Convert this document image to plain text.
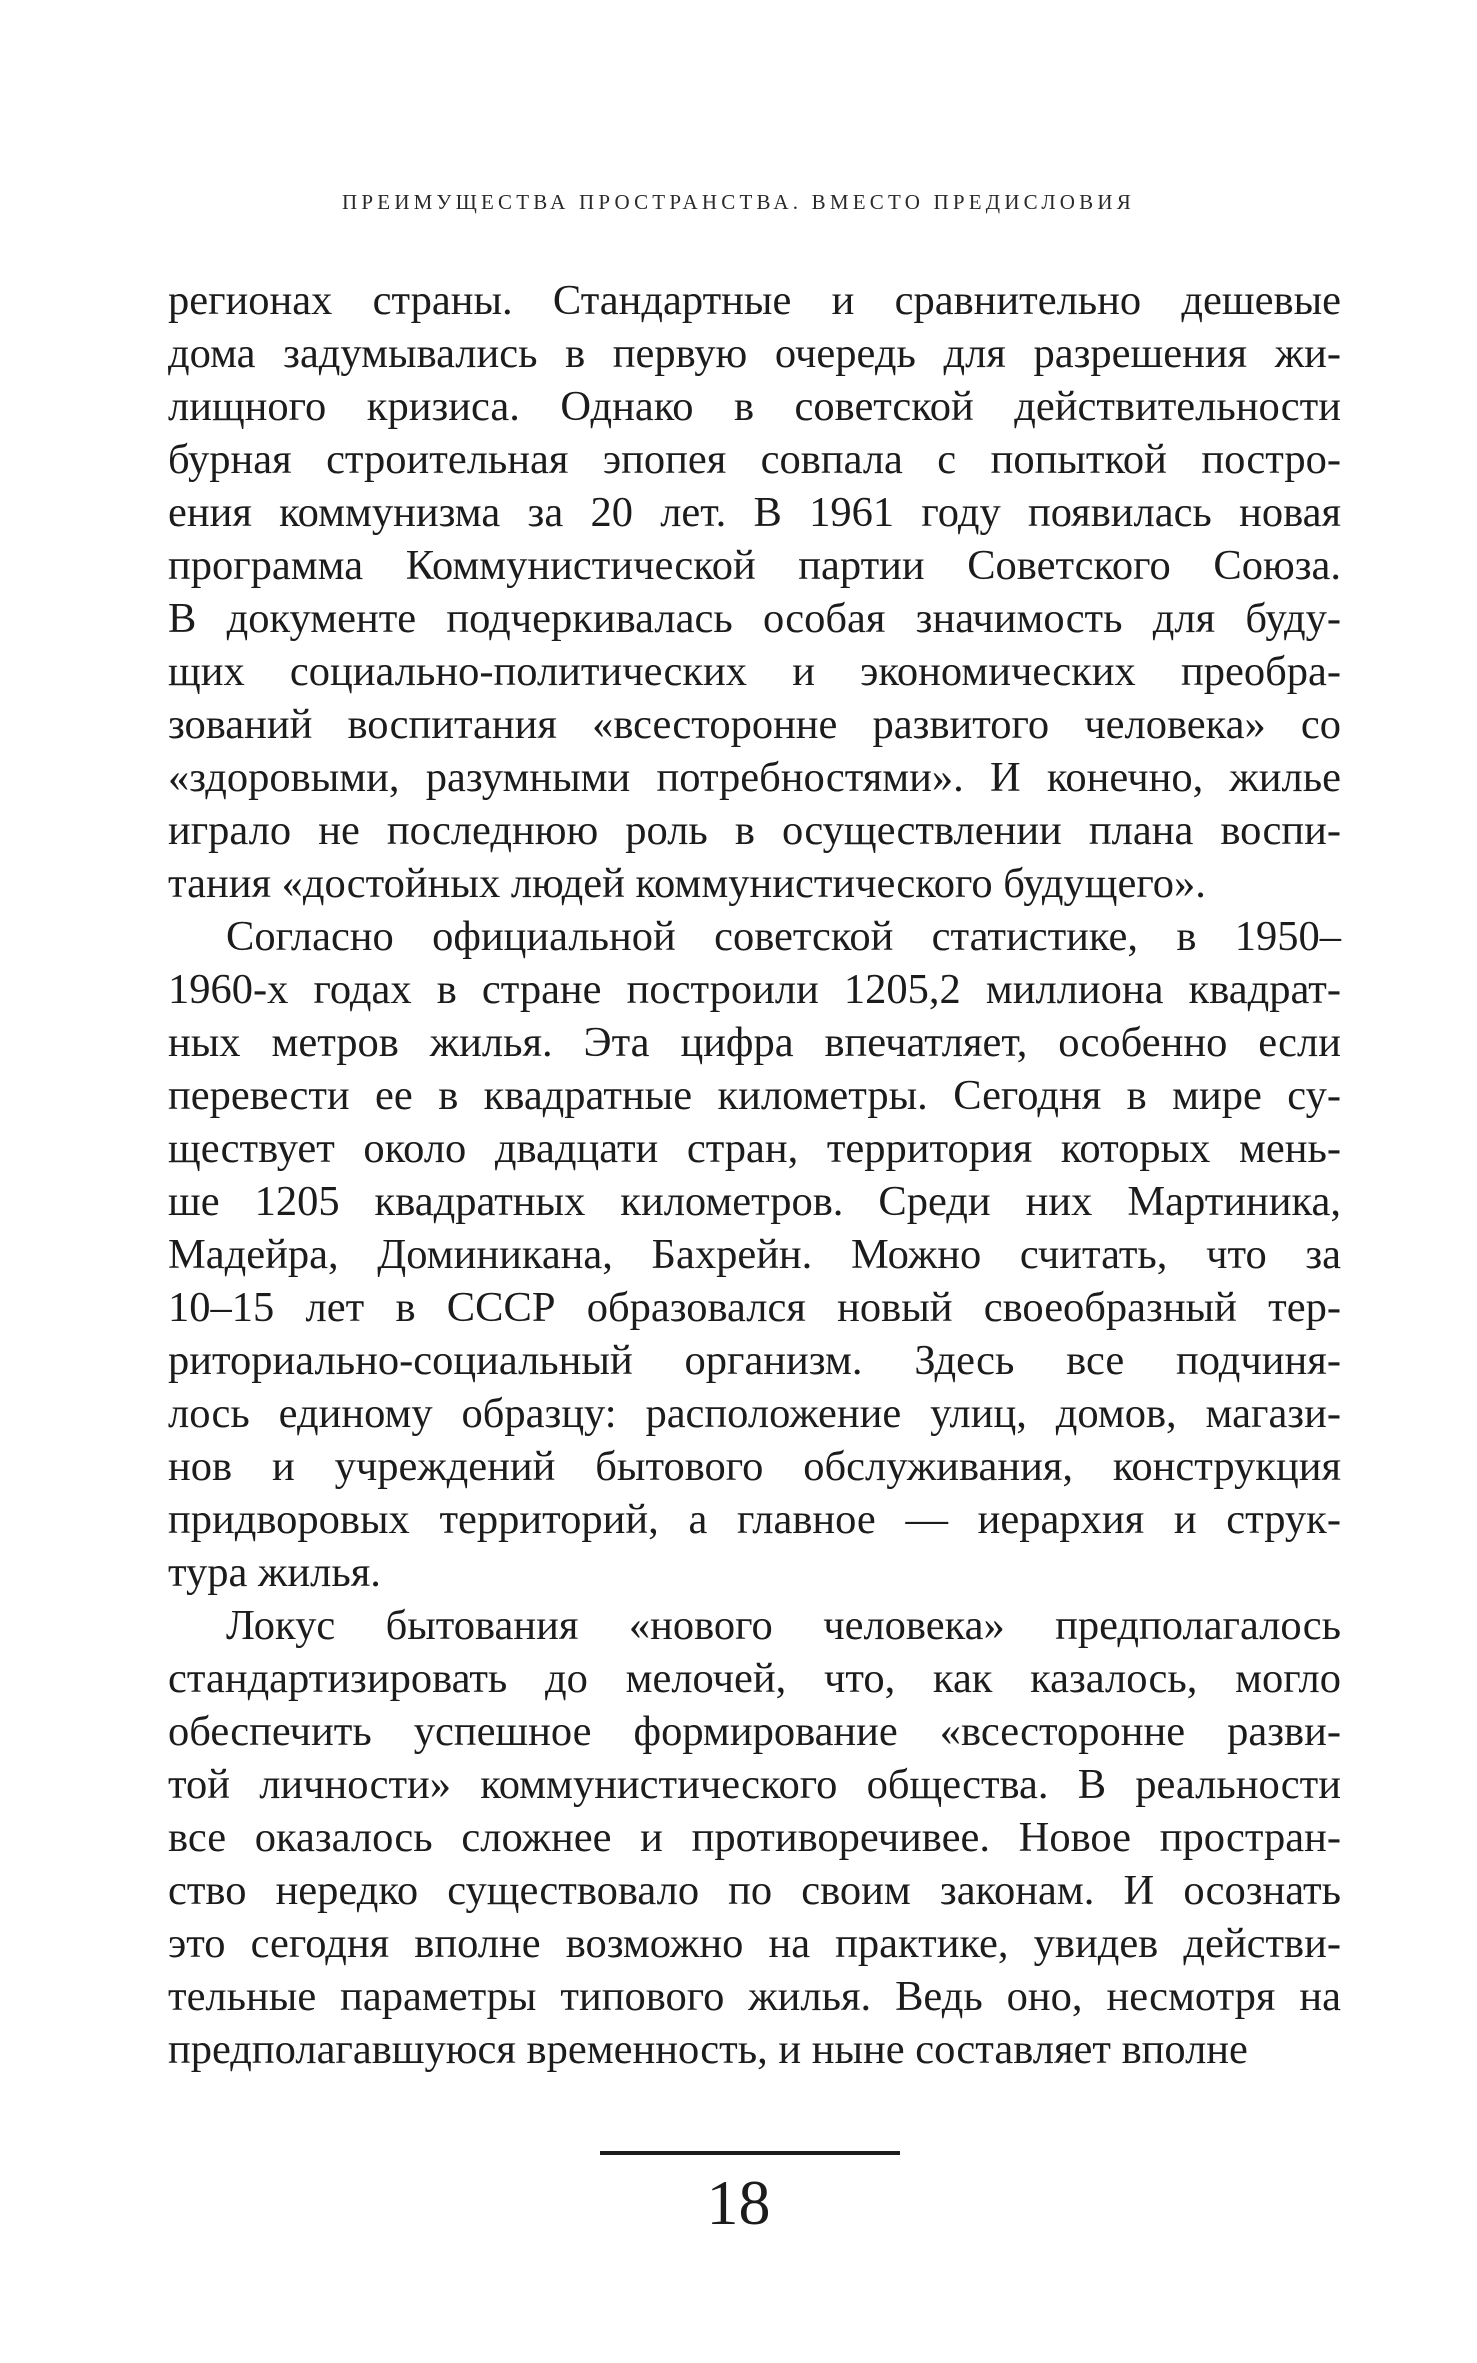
ПРЕИМУЩЕСТВА ПРОСТРАНСТВА. ВМЕСТО ПРЕДИСЛОВИЯ
регионах страны. Стандартные и сравнительно дешевые
дома задумывались в первую очередь для разрешения жи-
лищного кризиса. Однако в советской действительности
бурная строительная эпопея совпала с попыткой постро-
ения коммунизма за 20 лет. В 1961 году появилась новая
программа Коммунистической партии Советского Союза.
В документе подчеркивалась особая значимость для буду-
щих социально-политических и экономических преобра-
зований воспитания «всесторонне развитого человека» со
«здоровыми, разумными потребностями». И конечно, жилье
играло не последнюю роль в осуществлении плана воспи-
тания «достойных людей коммунистического будущего».
Согласно официальной советской статистике, в 1950–
1960-х годах в стране построили 1205,2 миллиона квадрат-
ных метров жилья. Эта цифра впечатляет, особенно если
перевести ее в квадратные километры. Сегодня в мире су-
ществует около двадцати стран, территория которых мень-
ше 1205 квадратных километров. Среди них Мартиника,
Мадейра, Доминикана, Бахрейн. Можно считать, что за
10–15 лет в СССР образовался новый своеобразный тер-
риториально-социальный организм. Здесь все подчиня-
лось единому образцу: расположение улиц, домов, магази-
нов и учреждений бытового обслуживания, конструкция
придворовых территорий, а главное — иерархия и струк-
тура жилья.
Локус бытования «нового человека» предполагалось
стандартизировать до мелочей, что, как казалось, могло
обеспечить успешное формирование «всесторонне разви-
той личности» коммунистического общества. В реальности
все оказалось сложнее и противоречивее. Новое простран-
ство нередко существовало по своим законам. И осознать
это сегодня вполне возможно на практике, увидев действи-
тельные параметры типового жилья. Ведь оно, несмотря на
предполагавшуюся временность, и ныне составляет вполне
18
